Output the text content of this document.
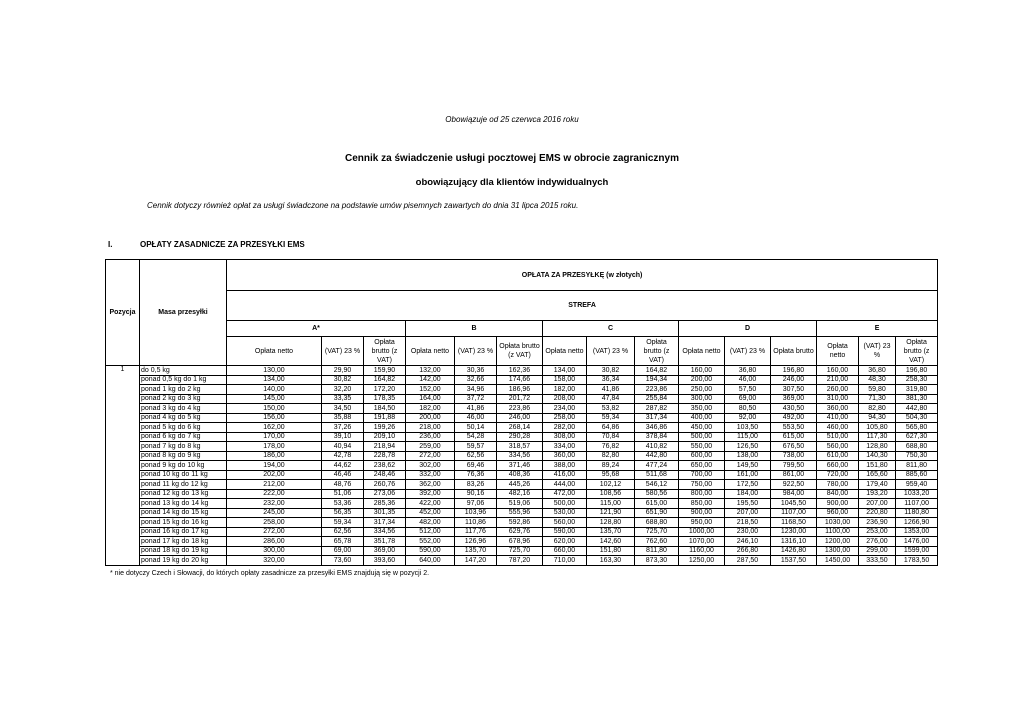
Obowiązuje od 25 czerwca 2016 roku
Cennik za świadczenie usługi pocztowej EMS w obrocie zagranicznym
obowiązujący dla klientów indywidualnych
Cennik dotyczy również opłat za usługi świadczone na podstawie umów pisemnych zawartych do dnia 31 lipca 2015 roku.
I.	OPŁATY ZASADNICZE ZA PRZESYŁKI EMS
Pozycja	Masa przesyłki	OPŁATA ZA PRZESYŁKĘ (w złotych)														
		STREFA														
		A*			B			C			D			E		
		Opłata netto	(VAT) 23 %	Opłata brutto (z VAT)	Opłata netto	(VAT) 23 %	Opłata brutto (z VAT)	Opłata netto	(VAT) 23 %	Opłata brutto (z VAT)	Opłata netto	(VAT) 23 %	Opłata brutto	Opłata netto	(VAT) 23 %	Opłata brutto (z VAT)
1	do 0,5 kg	130,00	29,90	159,90	132,00	30,36	162,36	134,00	30,82	164,82	160,00	36,80	196,80	160,00	36,80	196,80
	ponad 0,5 kg do 1 kg	134,00	30,82	164,82	142,00	32,66	174,66	158,00	36,34	194,34	200,00	46,00	246,00	210,00	48,30	258,30
	ponad 1 kg do 2 kg	140,00	32,20	172,20	152,00	34,96	186,96	182,00	41,86	223,86	250,00	57,50	307,50	260,00	59,80	319,80
	ponad 2 kg do 3 kg	145,00	33,35	178,35	164,00	37,72	201,72	208,00	47,84	255,84	300,00	69,00	369,00	310,00	71,30	381,30
	ponad 3 kg do 4 kg	150,00	34,50	184,50	182,00	41,86	223,86	234,00	53,82	287,82	350,00	80,50	430,50	360,00	82,80	442,80
	ponad 4 kg do 5 kg	156,00	35,88	191,88	200,00	46,00	246,00	258,00	59,34	317,34	400,00	92,00	492,00	410,00	94,30	504,30
	ponad 5 kg do 6 kg	162,00	37,26	199,26	218,00	50,14	268,14	282,00	64,86	346,86	450,00	103,50	553,50	460,00	105,80	565,80
	ponad 6 kg do 7 kg	170,00	39,10	209,10	236,00	54,28	290,28	308,00	70,84	378,84	500,00	115,00	615,00	510,00	117,30	627,30
	ponad 7 kg do 8 kg	178,00	40,94	218,94	259,00	59,57	318,57	334,00	76,82	410,82	550,00	126,50	676,50	560,00	128,80	688,80
	ponad 8 kg do 9 kg	186,00	42,78	228,78	272,00	62,56	334,56	360,00	82,80	442,80	600,00	138,00	738,00	610,00	140,30	750,30
	ponad 9 kg do 10 kg	194,00	44,62	238,62	302,00	69,46	371,46	388,00	89,24	477,24	650,00	149,50	799,50	660,00	151,80	811,80
	ponad 10 kg do 11 kg	202,00	46,46	248,46	332,00	76,36	408,36	416,00	95,68	511,68	700,00	161,00	861,00	720,00	165,60	885,60
	ponad 11 kg do 12 kg	212,00	48,76	260,76	362,00	83,26	445,26	444,00	102,12	546,12	750,00	172,50	922,50	780,00	179,40	959,40
	ponad 12 kg do 13 kg	222,00	51,06	273,06	392,00	90,16	482,16	472,00	108,56	580,56	800,00	184,00	984,00	840,00	193,20	1033,20
	ponad 13 kg do 14 kg	232,00	53,36	285,36	422,00	97,06	519,06	500,00	115,00	615,00	850,00	195,50	1045,50	900,00	207,00	1107,00
	ponad 14 kg do 15 kg	245,00	56,35	301,35	452,00	103,96	555,96	530,00	121,90	651,90	900,00	207,00	1107,00	960,00	220,80	1180,80
	ponad 15 kg do 16 kg	258,00	59,34	317,34	482,00	110,86	592,86	560,00	128,80	688,80	950,00	218,50	1168,50	1030,00	236,90	1266,90
	ponad 16 kg do 17 kg	272,00	62,56	334,56	512,00	117,76	629,76	590,00	135,70	725,70	1000,00	230,00	1230,00	1100,00	253,00	1353,00
	ponad 17 kg do 18 kg	286,00	65,78	351,78	552,00	126,96	678,96	620,00	142,60	762,60	1070,00	246,10	1316,10	1200,00	276,00	1476,00
	ponad 18 kg do 19 kg	300,00	69,00	369,00	590,00	135,70	725,70	660,00	151,80	811,80	1160,00	266,80	1426,80	1300,00	299,00	1599,00
	ponad 19 kg do 20 kg	320,00	73,60	393,60	640,00	147,20	787,20	710,00	163,30	873,30	1250,00	287,50	1537,50	1450,00	333,50	1783,50
* nie dotyczy Czech i Słowacji, do których opłaty zasadnicze za przesyłki EMS znajdują się w pozycji 2.
